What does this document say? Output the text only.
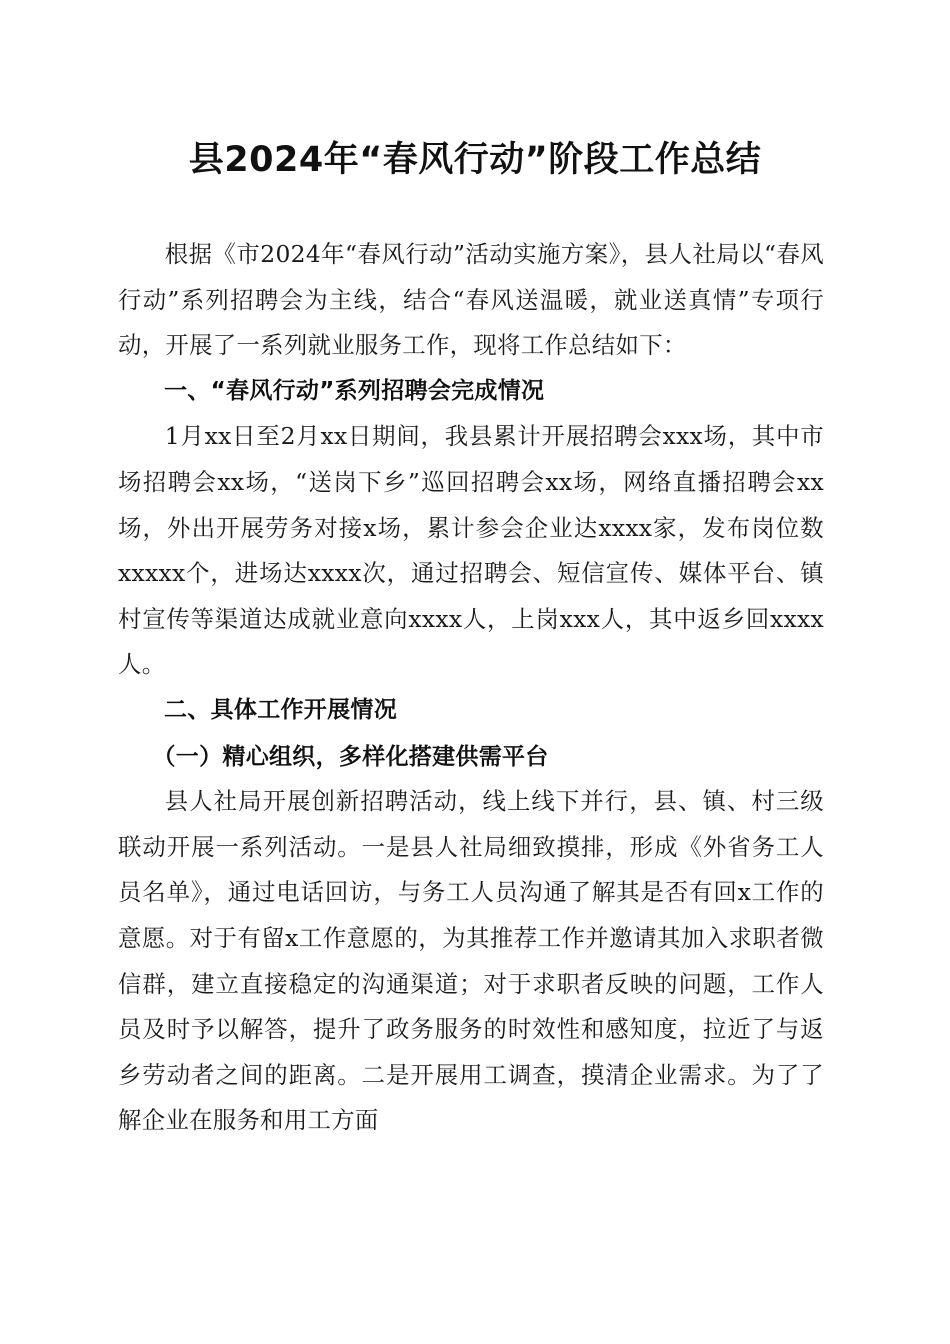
县2024年“春风行动”阶段工作总结

根据《市2024年“春风行动”活动实施方案》，县人社局以“春风行动”系列招聘会为主线，结合“春风送温暖，就业送真情”专项行动，开展了一系列就业服务工作，现将工作总结如下：

一、“春风行动”系列招聘会完成情况

1月xx日至2月xx日期间，我县累计开展招聘会xxx场，其中市场招聘会xx场，“送岗下乡”巡回招聘会xx场，网络直播招聘会xx场，外出开展劳务对接x场，累计参会企业达xxxx家，发布岗位数xxxxx个，进场达xxxx次，通过招聘会、短信宣传、媒体平台、镇村宣传等渠道达成就业意向xxxx人，上岗xxx人，其中返乡回xxxx人。

二、具体工作开展情况

（一）精心组织，多样化搭建供需平台

县人社局开展创新招聘活动，线上线下并行，县、镇、村三级联动开展一系列活动。一是县人社局细致摸排，形成《外省务工人员名单》，通过电话回访，与务工人员沟通了解其是否有回x工作的意愿。对于有留x工作意愿的，为其推荐工作并邀请其加入求职者微信群，建立直接稳定的沟通渠道；对于求职者反映的问题，工作人员及时予以解答，提升了政务服务的时效性和感知度，拉近了与返乡劳动者之间的距离。二是开展用工调查，摸清企业需求。为了了解企业在服务和用工方面
